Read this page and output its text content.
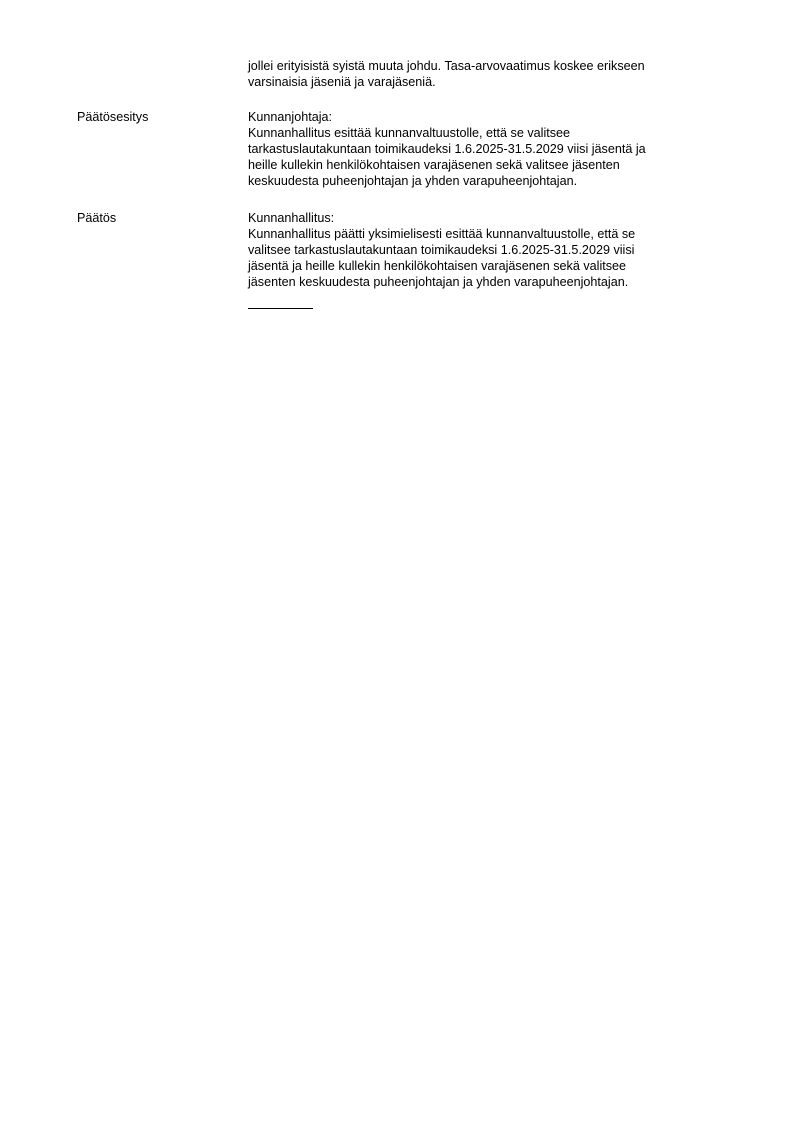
jollei erityisistä syistä muuta johdu. Tasa-arvovaatimus koskee erikseen
varsinaisia jäseniä ja varajäseniä.
Päätösesitys	Kunnanjohtaja:
Kunnanhallitus esittää kunnanvaltuustolle, että se valitsee
tarkastuslautakuntaan toimikaudeksi 1.6.2025-31.5.2029 viisi jäsentä ja
heille kullekin henkilökohtaisen varajäsenen sekä valitsee jäsenten
keskuudesta puheenjohtajan ja yhden varapuheenjohtajan.
Päätös	Kunnanhallitus:
Kunnanhallitus päätti yksimielisesti esittää kunnanvaltuustolle, että se
valitsee tarkastuslautakuntaan toimikaudeksi 1.6.2025-31.5.2029 viisi
jäsentä ja heille kullekin henkilökohtaisen varajäsenen sekä valitsee
jäsenten keskuudesta puheenjohtajan ja yhden varapuheenjohtajan.
